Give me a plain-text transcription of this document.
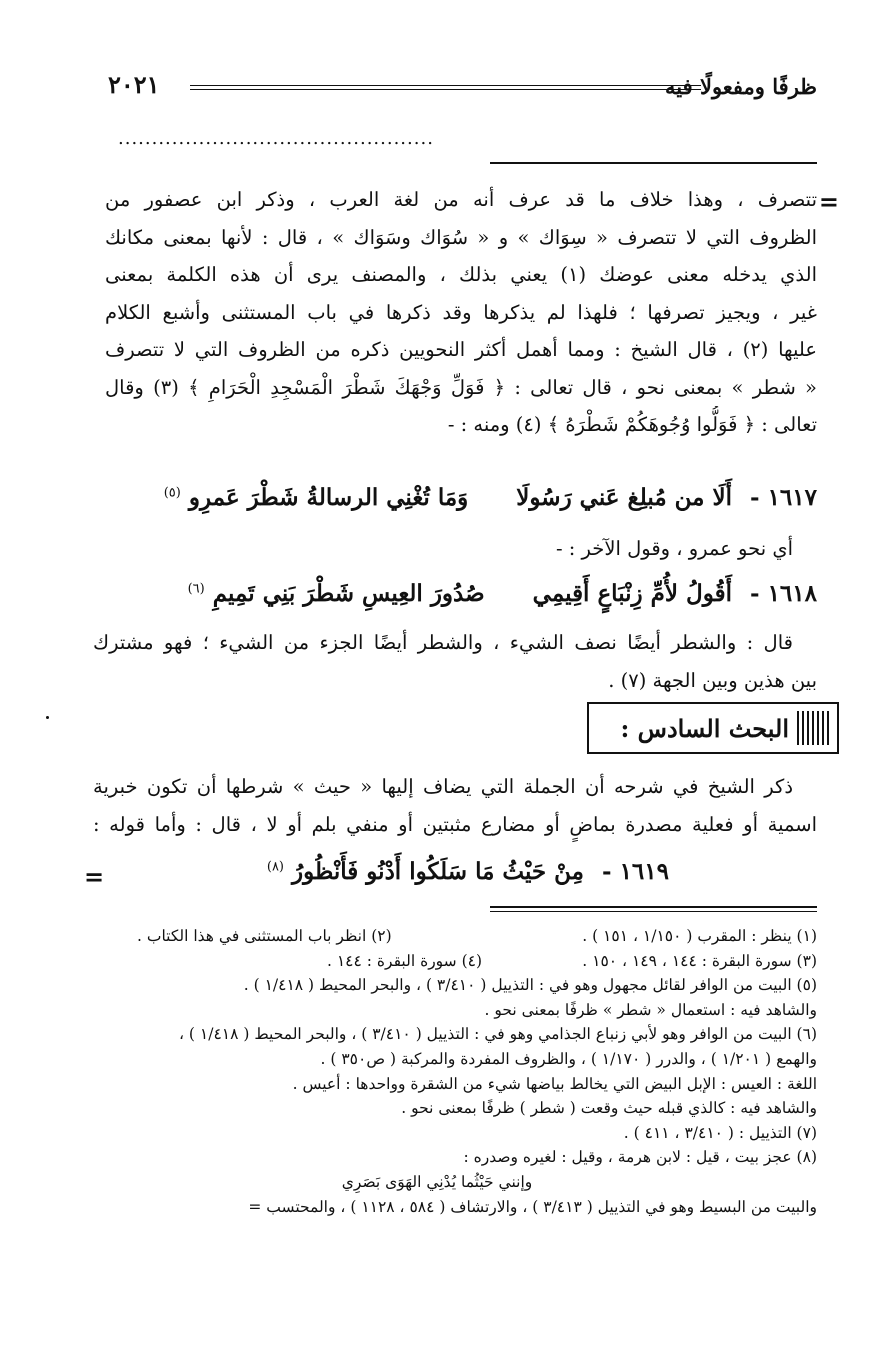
ظرفًا ومفعولًا فيه
٢٠٢١
...............................................
=
تتصرف ، وهذا خلاف ما قد عرف أنه من لغة العرب ، وذكر ابن عصفور من
الظروف التي لا تتصرف « سِوَاك » و « سُوَاك وسَوَاك » ، قال : لأنها بمعنى مكانك
الذي يدخله معنى عوضك (١) يعني بذلك ، والمصنف يرى أن هذه الكلمة بمعنى
غير ، ويجيز تصرفها ؛ فلهذا لم يذكرها وقد ذكرها في باب المستثنى وأشبع الكلام
عليها (٢) ، قال الشيخ : ومما أهمل أكثر النحويين ذكره من الظروف التي لا تتصرف
« شطر » بمعنى نحو ، قال تعالى : ﴿ فَوَلِّ وَجْهَكَ شَطْرَ الْمَسْجِدِ الْحَرَامِ ﴾ (٣) وقال
تعالى : ﴿ فَوَلُّوا وُجُوهَكُمْ شَطْرَهُ ﴾ (٤) ومنه : -
١٦١٧ - أَلَا من مُبلِغ عَني رَسُولَا وَمَا تُغْنِي الرسالةُ شَطْرَ عَمرِو $^{(٥)}$
أي نحو عمرو ، وقول الآخر : -
١٦١٨ - أَقُولُ لأُمِّ زِنْبَاعٍ أَقِيمِي صُدُورَ العِيسِ شَطْرَ بَنِي تَمِيمِ $^{(٦)}$
قال : والشطر أيضًا نصف الشيء ، والشطر أيضًا الجزء من الشيء ؛ فهو مشترك
بين هذين وبين الجهة (٧) .
البحث السادس :
ذكر الشيخ في شرحه أن الجملة التي يضاف إليها « حيث » شرطها أن تكون خبرية
اسمية أو فعلية مصدرة بماضٍ أو مضارع مثبتين أو منفي بلم أو لا ، قال : وأما قوله :
١٦١٩ - مِنْ حَيْثُ مَا سَلَكُوا أَدْنُو فَأَنْظُورُ $^{(٨)}$
=
(١) ينظر : المقرب ( ١/١٥٠ ، ١٥١ ) .
(٢) انظر باب المستثنى في هذا الكتاب .
(٣) سورة البقرة : ١٤٤ ، ١٤٩ ، ١٥٠ .
(٤) سورة البقرة : ١٤٤ .
(٥) البيت من الوافر لقائل مجهول وهو في : التذييل ( ٣/٤١٠ ) ، والبحر المحيط ( ١/٤١٨ ) .
والشاهد فيه : استعمال « شطر » ظرفًا بمعنى نحو .
(٦) البيت من الوافر وهو لأبي زنباع الجذامي وهو في : التذييل ( ٣/٤١٠ ) ، والبحر المحيط ( ١/٤١٨ ) ،
والهمع ( ١/٢٠١ ) ، والدرر ( ١/١٧٠ ) ، والظروف المفردة والمركبة ( ص٣٥٠ ) .
اللغة : العيس : الإبل البيض التي يخالط بياضها شيء من الشقرة وواحدها : أعيس .
والشاهد فيه : كالذي قبله حيث وقعت ( شطر ) ظرفًا بمعنى نحو .
(٧) التذييل : ( ٣/٤١٠ ، ٤١١ ) .
(٨) عجز بيت ، قيل : لابن هرمة ، وقيل : لغيره وصدره :
وإنني حَيْثُما يُدْنِي الهَوَى بَصَرِي
والبيت من البسيط وهو في التذييل ( ٣/٤١٣ ) ، والارتشاف ( ٥٨٤ ، ١١٢٨ ) ، والمحتسب =
